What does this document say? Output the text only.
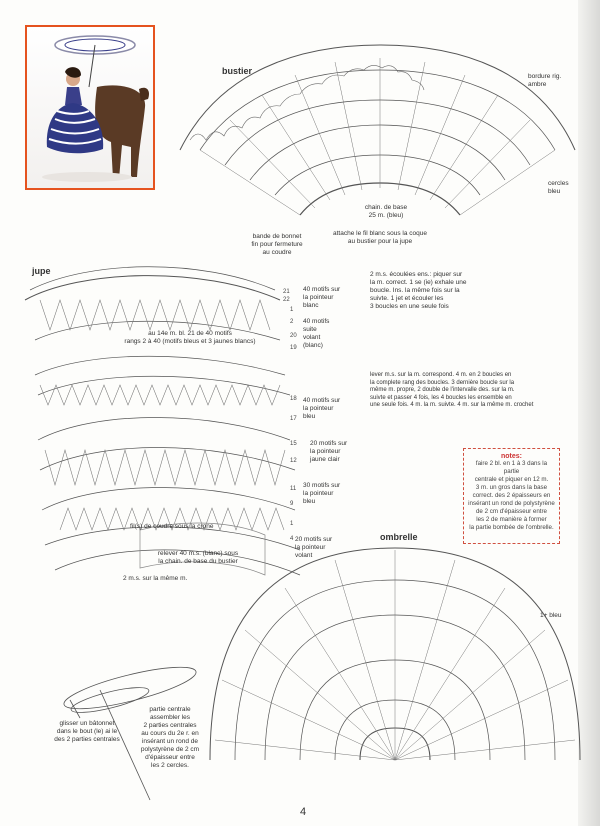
21
22
1
2
20
19
18
17
15
12
11
9
1
4
bustier
bordure rig. ambre
cercles bleu
bande de bonnet
fin pour fermeture
au coudre
chain. de base
25 m. (bleu)
attache le fil blanc sous la coque
au bustier pour la jupe
jupe	2 m.s. écoulées ens.: piquer sur
la m. correct. 1 se (ie) exhale une
boucle. Ins. la même fois sur la
suivte. 1 jet et écouler les
3 boucles en une seule fois
au 14e m. bl. 21 de 40 motifs
rangs 2 à 40 (motifs bleus et 3 jaunes blancs)
40 motifs sur
la pointeur
blanc
40 motifs
suite
volant
(blanc)
40 motifs sur
la pointeur
bleu
20 motifs sur
la pointeur
jaune clair
30 motifs sur
la pointeur
bleu
20 motifs sur
la pointeur
volant
fil(s) de coudre sous la crone
relever 40 m.s. (blanc) sous
la chain. de base du bustier
2 m.s. sur la même m.
lever m.s. sur la m. correspond. 4 m. en 2 boucles en
la complete rang des boucles. 3 dernière boucle sur la
même m. propre, 2 double de l'intervalle des. sur la m.
suivte et passer 4 fois, les 4 boucles les ensemble en
une seule fois. 4 m. la m. suivte. 4 m. sur la même m. crochet
notes:
faire 2 bl. en 1 à 3 dans la partie
centrale et piquer en 12 m.
3 m. un gros dans la base
correct. des 2 épaisseurs en
insérant un rond de polystyrène
de 2 cm d'épaisseur entre
les 2 de manière à former
la partie bombée de l'ombrelle.
ombrelle
1+ bleu
glisser un bâtonnet
dans le bout (le) ai le
des 2 parties centrales
partie centrale
assembler les
2 parties centrales
au cours du 2e r. en
insérant un rond de
polystyrène de 2 cm
d'épaisseur entre
les 2 cercles.
4
